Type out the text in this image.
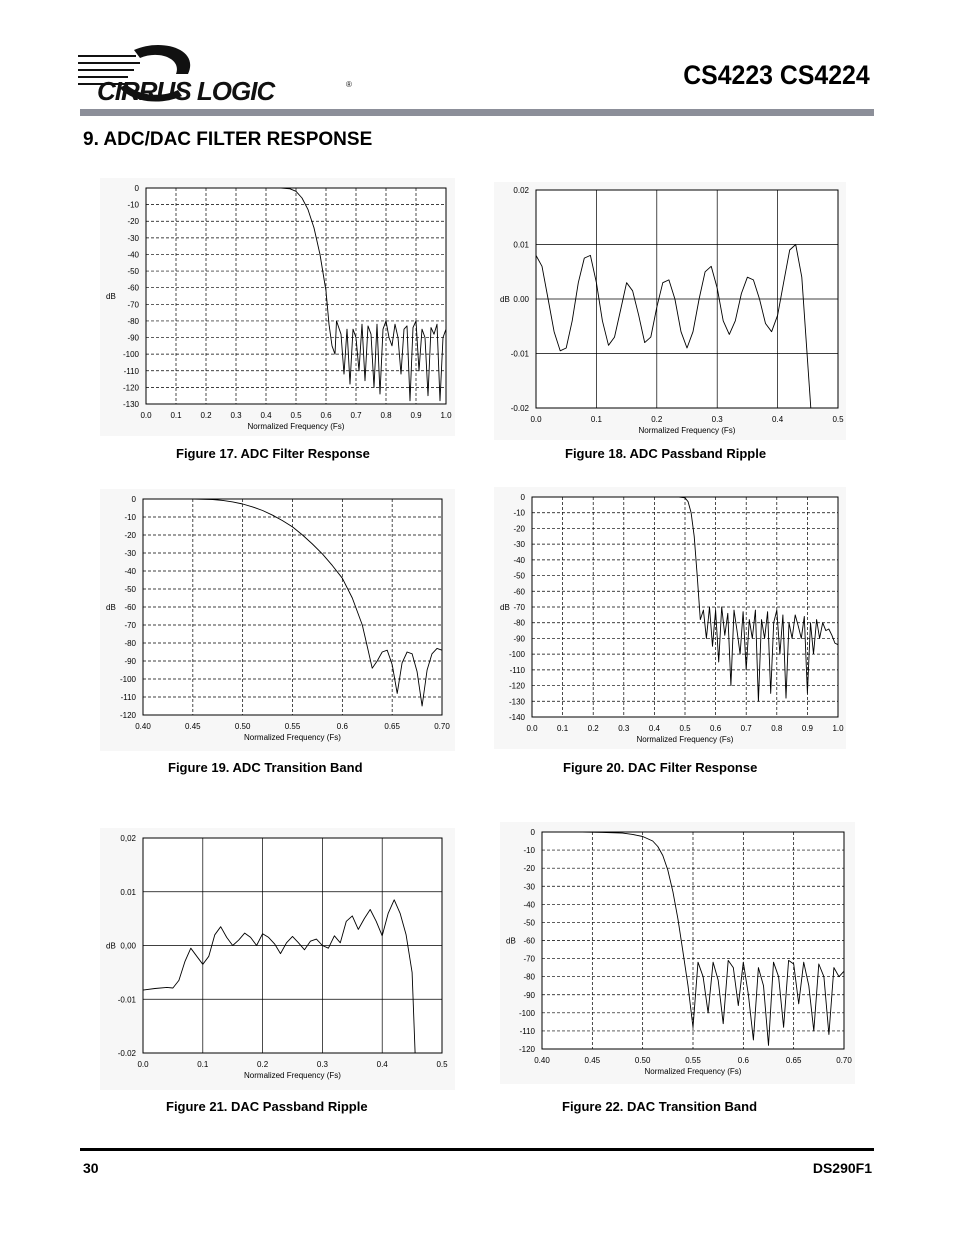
CIRRUS LOGIC	®	CS4223 CS4224
9. ADC/DAC FILTER RESPONSE
0.0 0.1 0.2 0.3 0.4 0.5 0.6 0.7 0.8 0.9 1.0
0
-10
-20
-30
-40
-50
-60
-70
-80
-90
-100
-110
-120
-130
Normalized Frequency (Fs)
dB
Figure 17. ADC Filter Response
0.0	0.1	0.2	0.3	0.4	0.5
0.02
0.01
0.00
-0.01
-0.02
Normalized Frequency (Fs)
dB
Figure 18. ADC Passband Ripple
0.40	0.45	0.50	0.55	0.6	0.65	0.70
0
-10
-20
-30
-40
-50
-60
-70
-80
-90
-100
-110
-120
Normalized Frequency (Fs)
dB
Figure 19. ADC Transition Band
0.0 0.1 0.2 0.3 0.4 0.5 0.6 0.7 0.8 0.9 1.0
0
-10
-20
-30
-40
-50
-60
-70
-80
-90
-100
-110
-120
-130
-140
Normalized Frequency (Fs)
dB
Figure 20. DAC Filter Response
0.0	0.1	0.2	0.3	0.4	0.5
0,02
0.01
0,00
-0.01
-0.02
Normalized Frequency (Fs)
dB
Figure 21. DAC Passband Ripple
0.40	0.45	0.50	0.55	0.6	0.65	0.70
0
-10
-20
-30
-40
-50
-60
-70
-80
-90
-100
-110
-120
Normalized Frequency (Fs)
dB
Figure 22. DAC Transition Band
30	DS290F1
